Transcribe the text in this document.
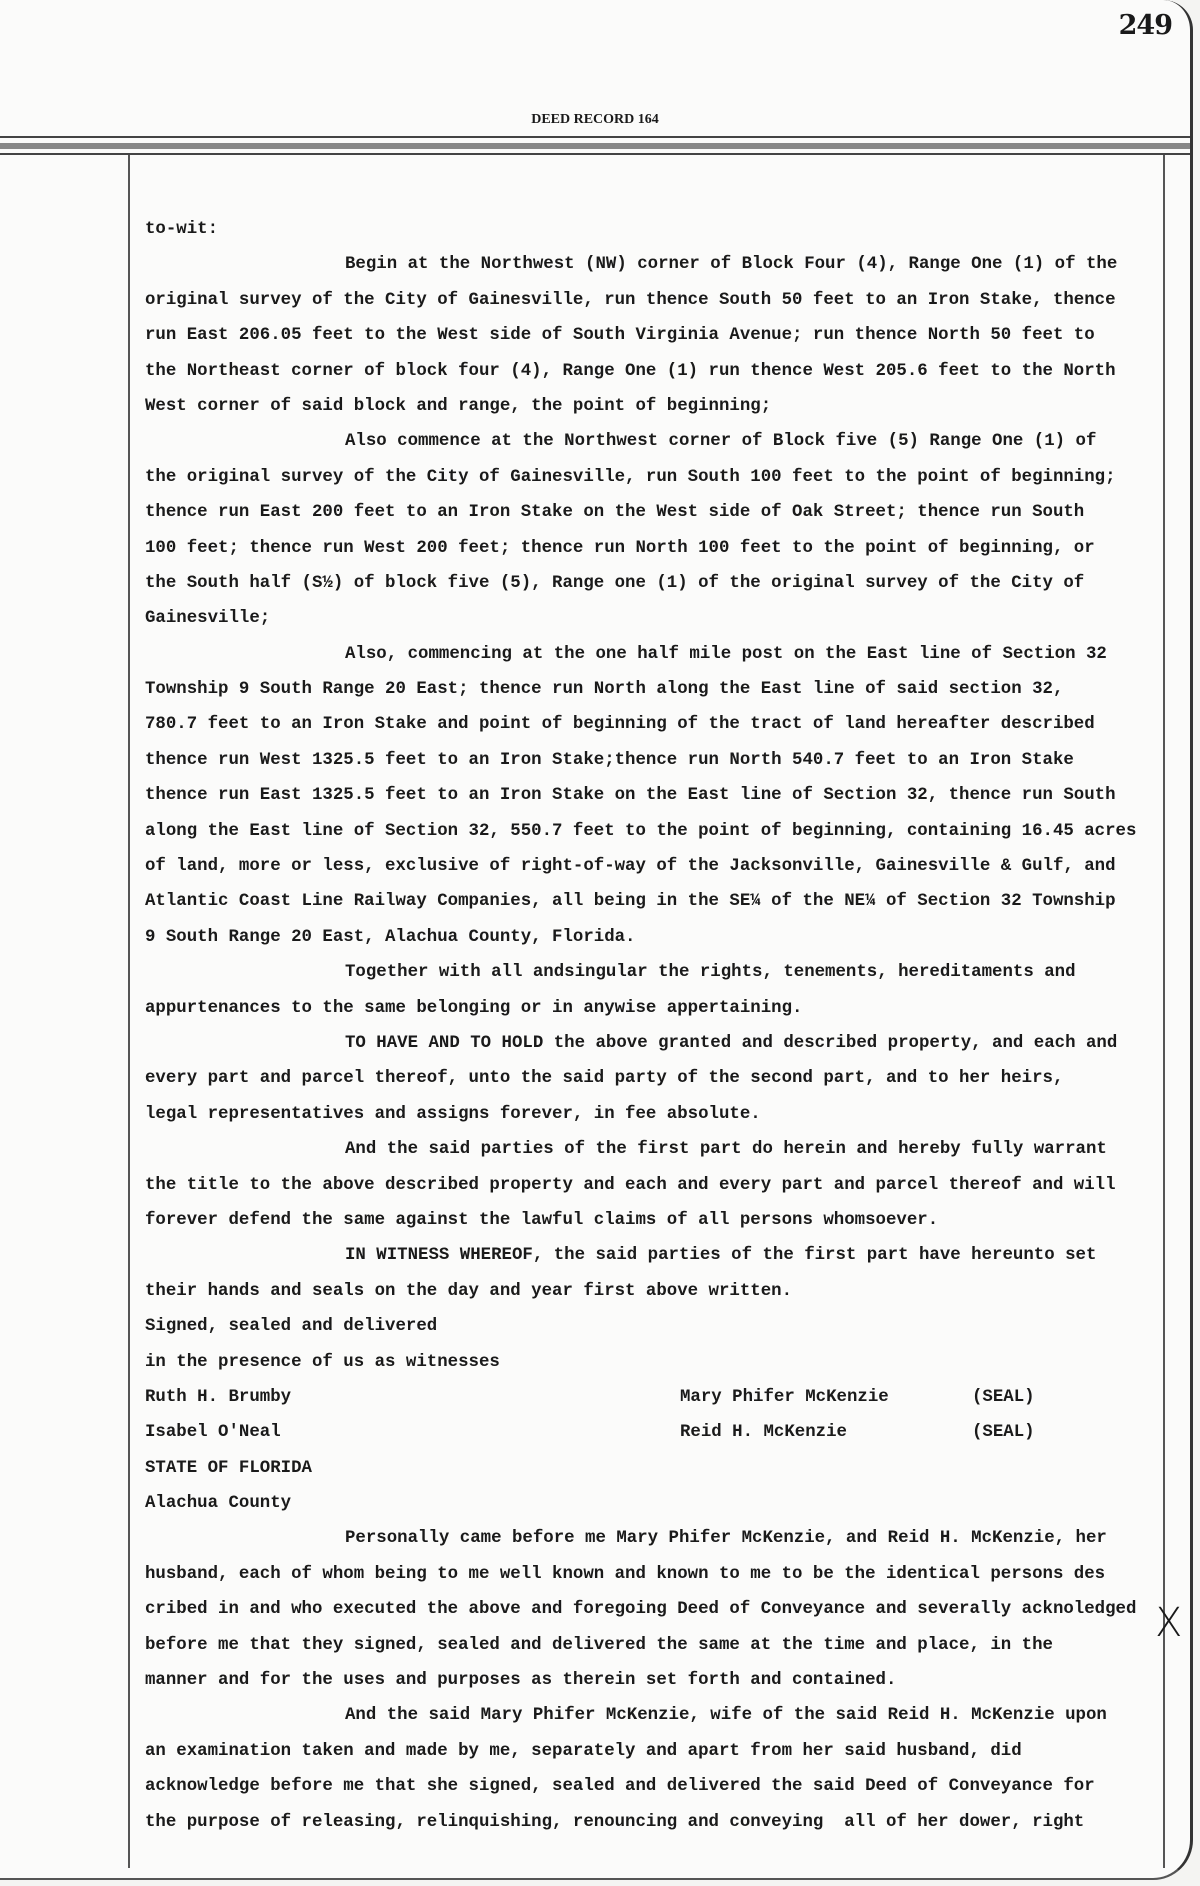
249
DEED RECORD 164
X
to-wit:
Begin at the Northwest (NW) corner of Block Four (4), Range One (1) of the
original survey of the City of Gainesville, run thence South 50 feet to an Iron Stake, thence
run East 206.05 feet to the West side of South Virginia Avenue; run thence North 50 feet to
the Northeast corner of block four (4), Range One (1) run thence West 205.6 feet to the North
West corner of said block and range, the point of beginning;
Also commence at the Northwest corner of Block five (5) Range One (1) of
the original survey of the City of Gainesville, run South 100 feet to the point of beginning;
thence run East 200 feet to an Iron Stake on the West side of Oak Street; thence run South
100 feet; thence run West 200 feet; thence run North 100 feet to the point of beginning, or
the South half (S½) of block five (5), Range one (1) of the original survey of the City of
Gainesville;
Also, commencing at the one half mile post on the East line of Section 32
Township 9 South Range 20 East; thence run North along the East line of said section 32,
780.7 feet to an Iron Stake and point of beginning of the tract of land hereafter described
thence run West 1325.5 feet to an Iron Stake;thence run North 540.7 feet to an Iron Stake
thence run East 1325.5 feet to an Iron Stake on the East line of Section 32, thence run South
along the East line of Section 32, 550.7 feet to the point of beginning, containing 16.45 acres
of land, more or less, exclusive of right-of-way of the Jacksonville, Gainesville & Gulf, and
Atlantic Coast Line Railway Companies, all being in the SE¼ of the NE¼ of Section 32 Township
9 South Range 20 East, Alachua County, Florida.
Together with all andsingular the rights, tenements, hereditaments and
appurtenances to the same belonging or in anywise appertaining.
TO HAVE AND TO HOLD the above granted and described property, and each and
every part and parcel thereof, unto the said party of the second part, and to her heirs,
legal representatives and assigns forever, in fee absolute.
And the said parties of the first part do herein and hereby fully warrant
the title to the above described property and each and every part and parcel thereof and will
forever defend the same against the lawful claims of all persons whomsoever.
IN WITNESS WHEREOF, the said parties of the first part have hereunto set
their hands and seals on the day and year first above written.
Signed, sealed and delivered
in the presence of us as witnesses
Ruth H. Brumby	Mary Phifer McKenzie	(SEAL)
Isabel O'Neal	Reid H. McKenzie	(SEAL)
STATE OF FLORIDA
Alachua County
Personally came before me Mary Phifer McKenzie, and Reid H. McKenzie, her
husband, each of whom being to me well known and known to me to be the identical persons des
cribed in and who executed the above and foregoing Deed of Conveyance and severally acknoledged
before me that they signed, sealed and delivered the same at the time and place, in the
manner and for the uses and purposes as therein set forth and contained.
And the said Mary Phifer McKenzie, wife of the said Reid H. McKenzie upon
an examination taken and made by me, separately and apart from her said husband, did
acknowledge before me that she signed, sealed and delivered the said Deed of Conveyance for
the purpose of releasing, relinquishing, renouncing and conveying  all of her dower, right
